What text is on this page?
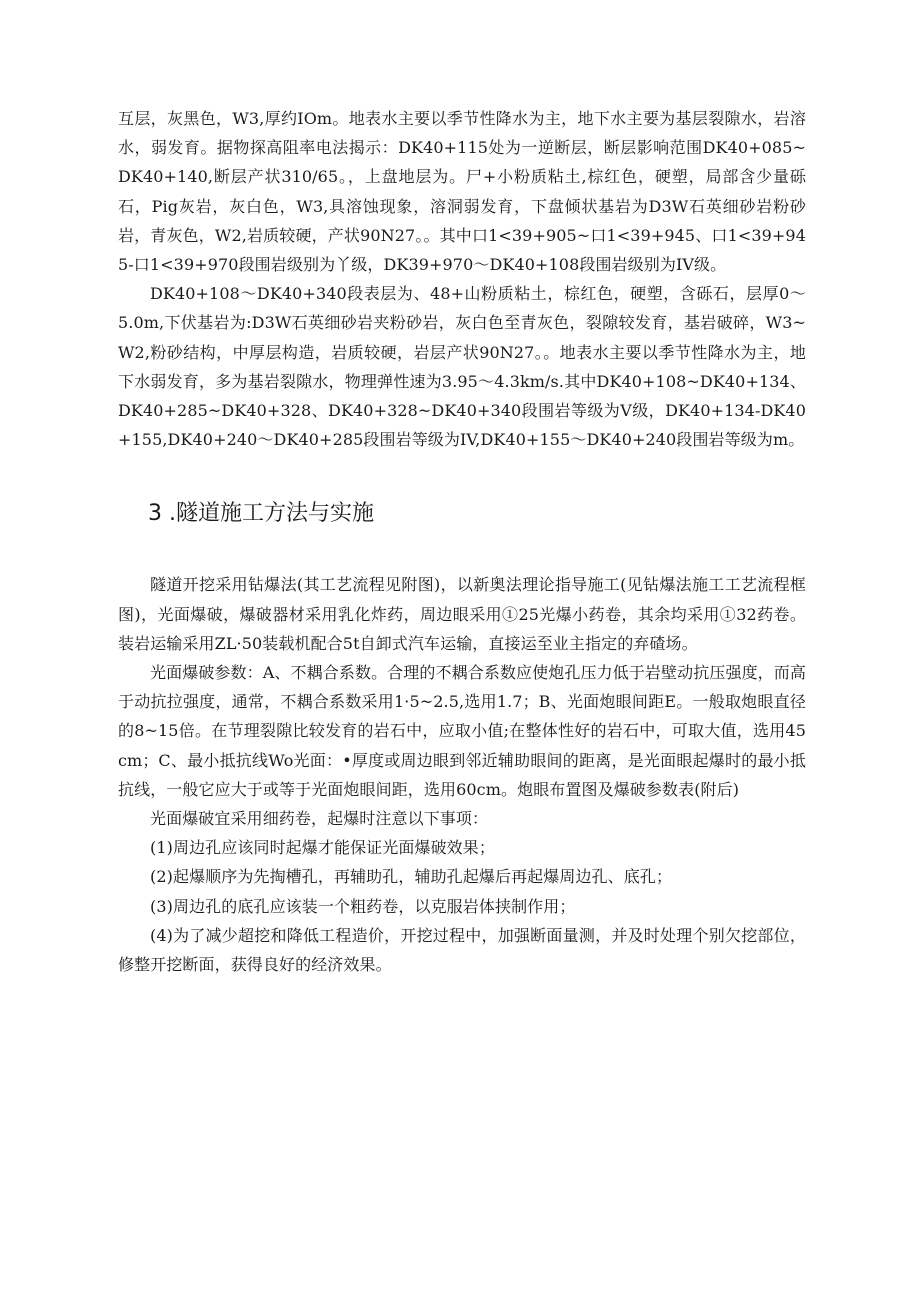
互层，灰黑色，W3,厚约IOm。地表水主要以季节性降水为主，地下水主要为基层裂隙水，岩溶水，弱发育。据物探高阻率电法揭示：DK40+115处为一逆断层，断层影响范围DK40+085~DK40+140,断层产状310/65。，上盘地层为。尸+小粉质粘土,棕红色，硬塑，局部含少量砾石，Pig灰岩，灰白色，W3,具溶蚀现象，溶洞弱发育，下盘倾状基岩为D3W石英细砂岩粉砂岩，青灰色，W2,岩质较硬，产状90N27。。其中口1<39+905~口1<39+945、口1<39+945-口1<39+970段围岩级别为丫级，DK39+970～DK40+108段围岩级别为IV级。

DK40+108～DK40+340段表层为、48+山粉质粘土，棕红色，硬塑，含砾石，层厚0～5.0m,下伏基岩为:D3W石英细砂岩夹粉砂岩，灰白色至青灰色，裂隙较发育，基岩破碎，W3~W2,粉砂结构，中厚层构造，岩质较硬，岩层产状90N27。。地表水主要以季节性降水为主，地下水弱发育，多为基岩裂隙水，物理弹性速为3.95～4.3km∕s.其中DK40+108~DK40+134、DK40+285~DK40+328、DK40+328~DK40+340段围岩等级为V级，DK40+134-DK40+155,DK40+240～DK40+285段围岩等级为IV,DK40+155～DK40+240段围岩等级为m。

3 .隧道施工方法与实施

隧道开挖采用钻爆法(其工艺流程见附图)，以新奥法理论指导施工(见钻爆法施工工艺流程框图)，光面爆破，爆破器材采用乳化炸药，周边眼采用①25光爆小药卷，其余均采用①32药卷。装岩运输采用ZL·50装载机配合5t自卸式汽车运输，直接运至业主指定的弃碴场。

光面爆破参数：A、不耦合系数。合理的不耦合系数应使炮孔压力低于岩壁动抗压强度，而高于动抗拉强度，通常，不耦合系数采用1·5~2.5,选用1.7；B、光面炮眼间距E。一般取炮眼直径的8~15倍。在节理裂隙比较发育的岩石中，应取小值;在整体性好的岩石中，可取大值，选用45cm；C、最小抵抗线Wo光面：•厚度或周边眼到邻近辅助眼间的距离，是光面眼起爆时的最小抵抗线，一般它应大于或等于光面炮眼间距，选用60cm。炮眼布置图及爆破参数表(附后)

光面爆破宜采用细药卷，起爆时注意以下事项：

(1)周边孔应该同时起爆才能保证光面爆破效果；

(2)起爆顺序为先掏槽孔，再辅助孔，辅助孔起爆后再起爆周边孔、底孔；

(3)周边孔的底孔应该装一个粗药卷，以克服岩体挟制作用；

(4)为了减少超挖和降低工程造价，开挖过程中，加强断面量测，并及时处理个别欠挖部位，修整开挖断面，获得良好的经济效果。
